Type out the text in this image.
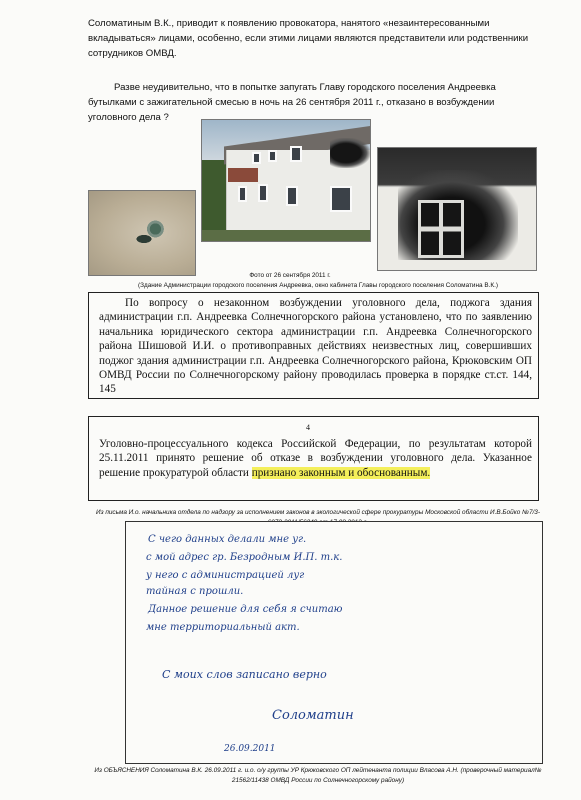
Соломатиным В.К., приводит к появлению провокатора, нанятого «незаинтересованными вкладываться» лицами, особенно, если этими лицами являются представители или родственники сотрудников ОМВД.

Разве неудивительно, что в попытке запугать Главу городского поселения Андреевка бутылками с зажигательной смесью в ночь на 26 сентября 2011 г., отказано в возбуждении уголовного дела ?

Фото от 26 сентября 2011 г.
(Здание Администрации городского поселения Андреевка, окно кабинета Главы городского поселения Соломатина В.К.)
По вопросу о незаконном возбуждении уголовного дела, поджога здания администрации г.п. Андреевка Солнечногорского района установлено, что по заявлению начальника юридического сектора администрации г.п. Андреевка Солнечногорского района Шишовой И.И. о противоправных действиях неизвестных лиц, совершивших поджог здания администрации г.п. Андреевка Солнечногорского района, Крюковским ОП ОМВД России по Солнечногорскому району проводилась проверка в порядке ст.ст. 144, 145
Уголовно-процессуального кодекса Российской Федерации, по результатам которой 25.11.2011 принято решение об отказе в возбуждении уголовного дела. Указанное решение прокуратурой области признано законным и обоснованным.
4
Из письма И.о. начальника отдела по надзору за исполнением законов в экологической сфере прокуратуры Московской области И.В.Бойко №7/3-
С чего данных делали мне уг.
с мой адрес гр. Безродным И.П. т.к.
у него с администрацией луг
тайная с прошли.
Данное решение для себя я считаю
мне территориальный акт.
С моих слов записано верно
Соломатин
26.09.2011
Из ОБЪЯСНЕНИЯ Соломатина В.К. 26.09.2011 г. и.о. о/у группы УР Крюковского ОП лейтенанта полиции Власова А.Н. (проверочный материал№ 21562/11438 ОМВД России по Солнечногорскому району)
